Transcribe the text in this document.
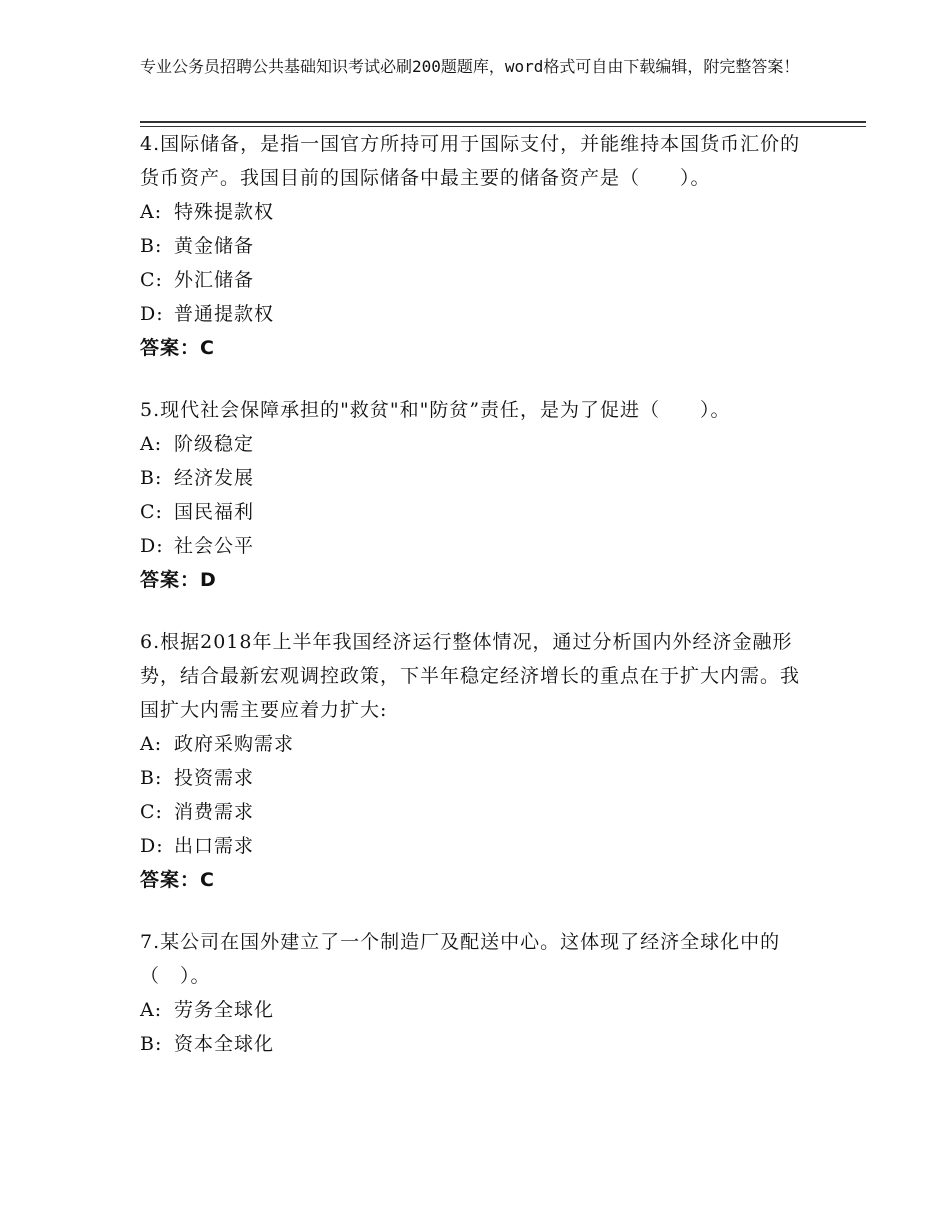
专业公务员招聘公共基础知识考试必刷200题题库，word格式可自由下载编辑，附完整答案！
4.国际储备，是指一国官方所持可用于国际支付，并能维持本国货币汇价的货币资产。我国目前的国际储备中最主要的储备资产是（　　）。
A: 特殊提款权
B: 黄金储备
C: 外汇储备
D: 普通提款权
答案：C
5.现代社会保障承担的"救贫"和"防贫”责任，是为了促进（　　）。
A: 阶级稳定
B: 经济发展
C: 国民福利
D: 社会公平
答案：D
6.根据2018年上半年我国经济运行整体情况，通过分析国内外经济金融形势，结合最新宏观调控政策，下半年稳定经济增长的重点在于扩大内需。我国扩大内需主要应着力扩大:
A: 政府采购需求
B: 投资需求
C: 消费需求
D: 出口需求
答案：C
7.某公司在国外建立了一个制造厂及配送中心。这体现了经济全球化中的（　）。
A: 劳务全球化
B: 资本全球化
